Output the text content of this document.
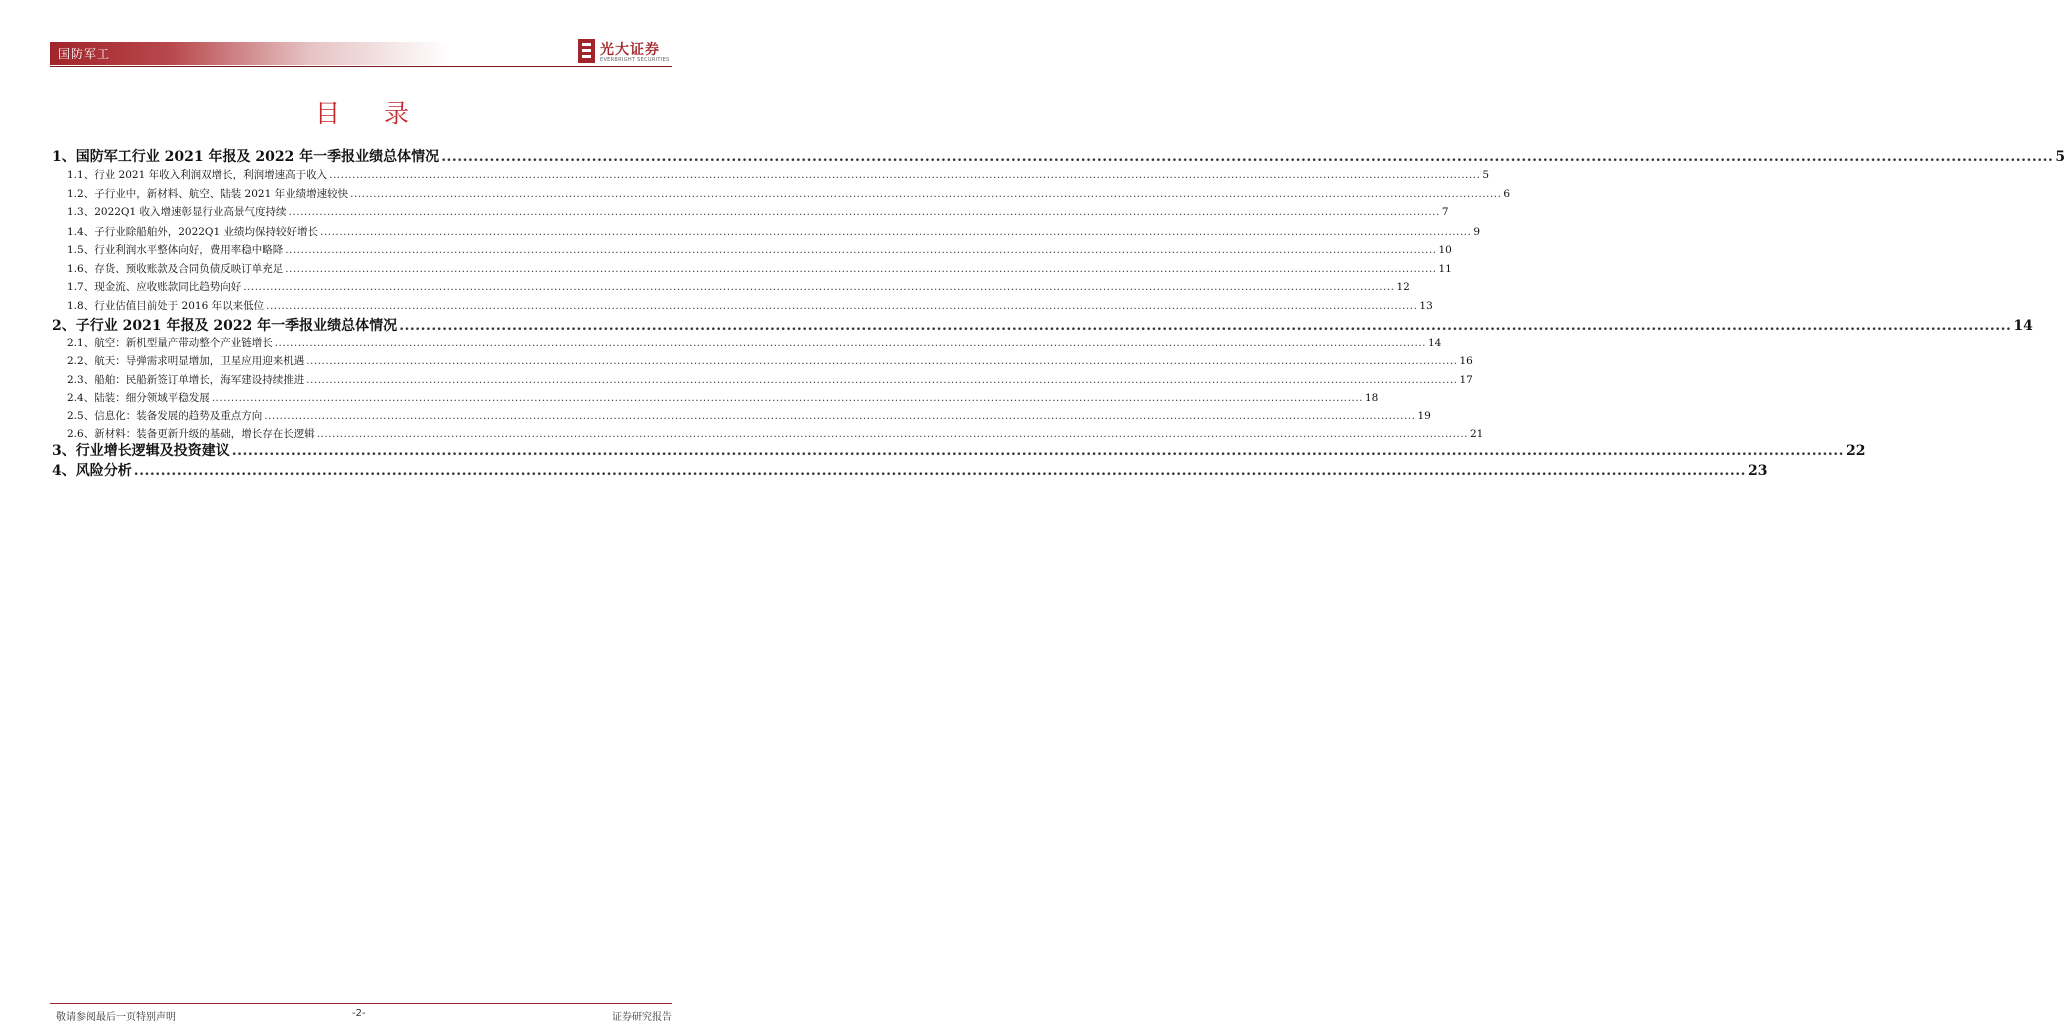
国防军工	光大证券
EVERBRIGHT SECURITIES
目 录
1、 国防军工行业 2021 年报及 2022 年一季报业绩总体情况 ............................................................................................................................................................................................................................................................................................................ 5
1.1、 行业 2021 年收入利润双增长，利润增速高于收入 ............................................................................................................................................................................................................................................................................................................ 5
1.2、 子行业中，新材料、航空、陆装 2021 年业绩增速较快 ............................................................................................................................................................................................................................................................................................................ 6
1.3、 2022Q1 收入增速彰显行业高景气度持续 ............................................................................................................................................................................................................................................................................................................ 7
1.4、 子行业除船舶外，2022Q1 业绩均保持较好增长 ............................................................................................................................................................................................................................................................................................................ 9
1.5、 行业利润水平整体向好，费用率稳中略降 ............................................................................................................................................................................................................................................................................................................ 10
1.6、 存货、预收账款及合同负债反映订单充足 ............................................................................................................................................................................................................................................................................................................ 11
1.7、 现金流、应收账款同比趋势向好 ............................................................................................................................................................................................................................................................................................................ 12
1.8、 行业估值目前处于 2016 年以来低位 ............................................................................................................................................................................................................................................................................................................ 13
2、 子行业 2021 年报及 2022 年一季报业绩总体情况 ............................................................................................................................................................................................................................................................................................................ 14
2.1、 航空：新机型量产带动整个产业链增长 ............................................................................................................................................................................................................................................................................................................ 14
2.2、 航天：导弹需求明显增加，卫星应用迎来机遇 ............................................................................................................................................................................................................................................................................................................ 16
2.3、 船舶：民船新签订单增长，海军建设持续推进 ............................................................................................................................................................................................................................................................................................................ 17
2.4、 陆装：细分领域平稳发展 ............................................................................................................................................................................................................................................................................................................ 18
2.5、 信息化：装备发展的趋势及重点方向 ............................................................................................................................................................................................................................................................................................................ 19
2.6、 新材料：装备更新升级的基础，增长存在长逻辑 ............................................................................................................................................................................................................................................................................................................ 21
3、 行业增长逻辑及投资建议 ............................................................................................................................................................................................................................................................................................................ 22
4、 风险分析 ............................................................................................................................................................................................................................................................................................................ 23
敬请参阅最后一页特别声明	-2-	证券研究报告
